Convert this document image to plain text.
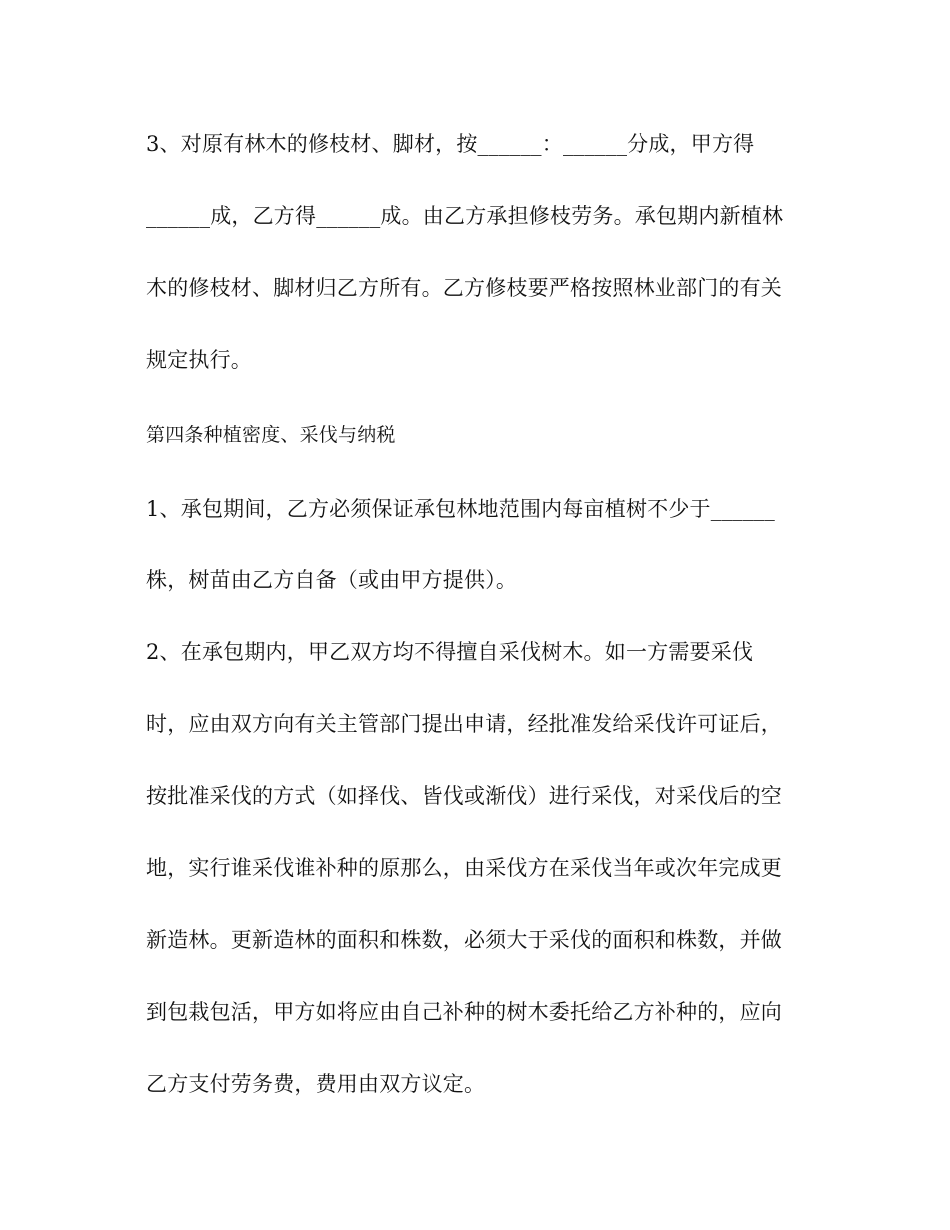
3、对原有林木的修枝材、脚材，按______：______分成，甲方得
______成，乙方得______成。由乙方承担修枝劳务。承包期内新植林
木的修枝材、脚材归乙方所有。乙方修枝要严格按照林业部门的有关
规定执行。
第四条种植密度、采伐与纳税
1、承包期间，乙方必须保证承包林地范围内每亩植树不少于______
株，树苗由乙方自备（或由甲方提供）。
2、在承包期内，甲乙双方均不得擅自采伐树木。如一方需要采伐
时，应由双方向有关主管部门提出申请，经批准发给采伐许可证后，
按批准采伐的方式（如择伐、皆伐或渐伐）进行采伐，对采伐后的空
地，实行谁采伐谁补种的原那么，由采伐方在采伐当年或次年完成更
新造林。更新造林的面积和株数，必须大于采伐的面积和株数，并做
到包栽包活，甲方如将应由自己补种的树木委托给乙方补种的，应向
乙方支付劳务费，费用由双方议定。
